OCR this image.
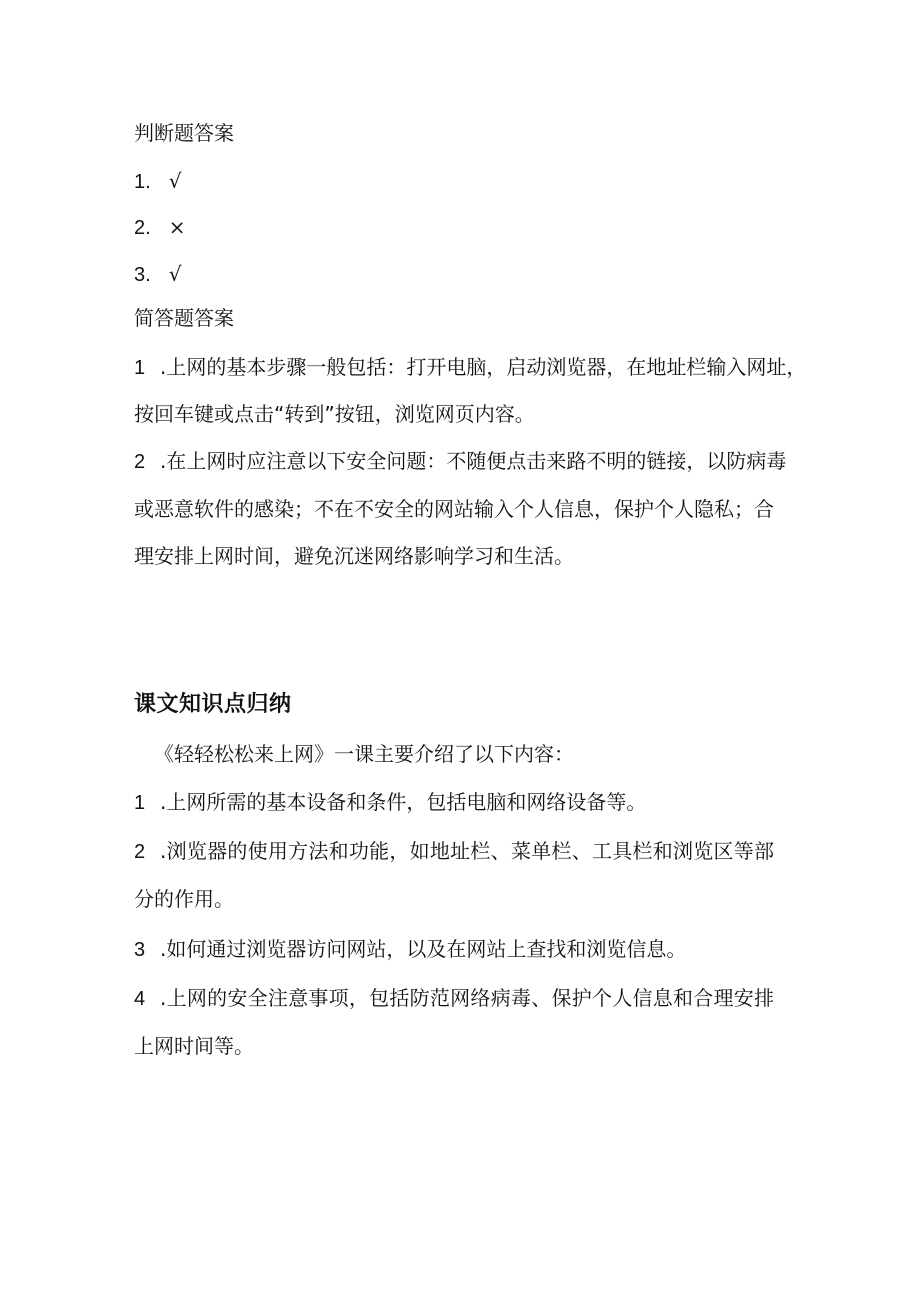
判断题答案
1. √
2. ×
3. √
简答题答案
1 .上网的基本步骤一般包括：打开电脑，启动浏览器，在地址栏输入网址，
按回车键或点击“转到”按钮，浏览网页内容。
2 .在上网时应注意以下安全问题：不随便点击来路不明的链接，以防病毒
或恶意软件的感染；不在不安全的网站输入个人信息，保护个人隐私；合
理安排上网时间，避免沉迷网络影响学习和生活。
课文知识点归纳
《轻轻松松来上网》一课主要介绍了以下内容：
1 .上网所需的基本设备和条件，包括电脑和网络设备等。
2 .浏览器的使用方法和功能，如地址栏、菜单栏、工具栏和浏览区等部
分的作用。
3 .如何通过浏览器访问网站，以及在网站上查找和浏览信息。
4 .上网的安全注意事项，包括防范网络病毒、保护个人信息和合理安排
上网时间等。
